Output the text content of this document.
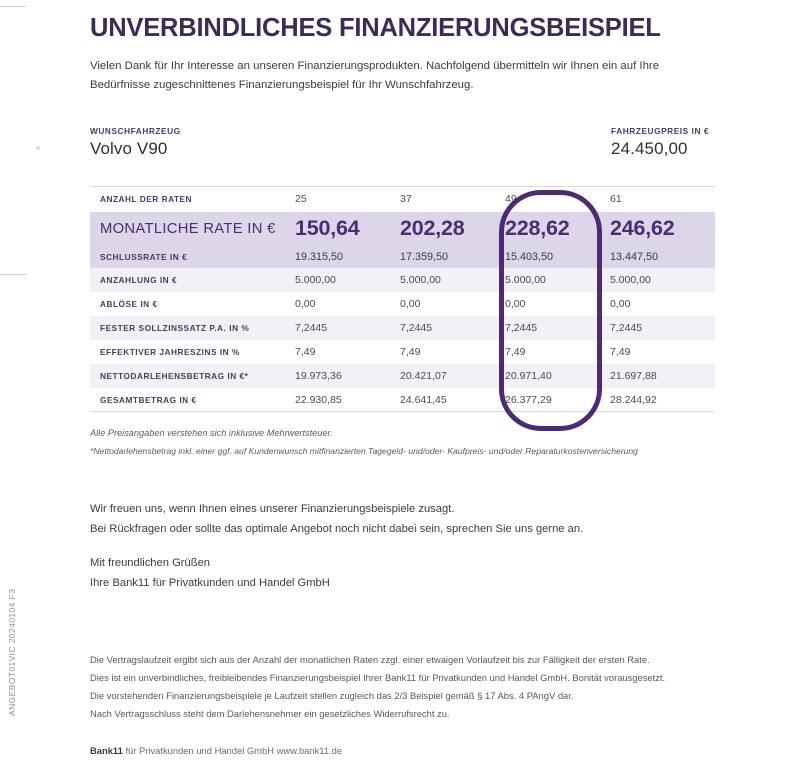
ANGEBOT01VIC 20240104 F3
UNVERBINDLICHES FINANZIERUNGSBEISPIEL
Vielen Dank für Ihr Interesse an unseren Finanzierungsprodukten. Nachfolgend übermitteln wir Ihnen ein auf Ihre Bedürfnisse zugeschnittenes Finanzierungsbeispiel für Ihr Wunschfahrzeug.
WUNSCHFAHRZEUG
Volvo V90
FAHRZEUGPREIS IN €
24.450,00
ANZAHL DER RATEN	25	37	49	61
MONATLICHE RATE IN €	150,64	202,28	228,62	246,62
SCHLUSSRATE IN €	19.315,50	17.359,50	15.403,50	13.447,50
ANZAHLUNG IN €	5.000,00	5.000,00	5.000,00	5.000,00
ABLÖSE IN €	0,00	0,00	0,00	0,00
FESTER SOLLZINSSATZ P.A. IN %	7,2445	7,2445	7,2445	7,2445
EFFEKTIVER JAHRESZINS IN %	7,49	7,49	7,49	7,49
NETTODARLEHENSBETRAG IN €*	19.973,36	20.421,07	20.971,40	21.697,88
GESAMTBETRAG IN €	22.930,85	24.641,45	26.377,29	28.244,92
Alle Preisangaben verstehen sich inklusive Mehrwertsteuer.
*Nettodarlehensbetrag inkl. einer ggf. auf Kundenwunsch mitfinanzierten Tagegeld- und/oder- Kaufpreis- und/oder Reparaturkostenversicherung
Wir freuen uns, wenn Ihnen eines unserer Finanzierungsbeispiele zusagt.
Bei Rückfragen oder sollte das optimale Angebot noch nicht dabei sein, sprechen Sie uns gerne an.
Mit freundlichen Grüßen
Ihre Bank11 für Privatkunden und Handel GmbH
Die Vertragslaufzeit ergibt sich aus der Anzahl der monatlichen Raten zzgl. einer etwaigen Vorlaufzeit bis zur Fälligkeit der ersten Rate.
Dies ist ein unverbindliches, freibleibendes Finanzierungsbeispiel Ihrer Bank11 für Privatkunden und Handel GmbH. Bonität vorausgesetzt.
Die vorstehenden Finanzierungsbeispiele je Laufzeit stellen zugleich das 2/3 Beispiel gemäß § 17 Abs. 4 PAngV dar.
Nach Vertragsschluss steht dem Darlehensnehmer ein gesetzliches Widerrufsrecht zu.
Bank11 für Privatkunden und Handel GmbH www.bank11.de
